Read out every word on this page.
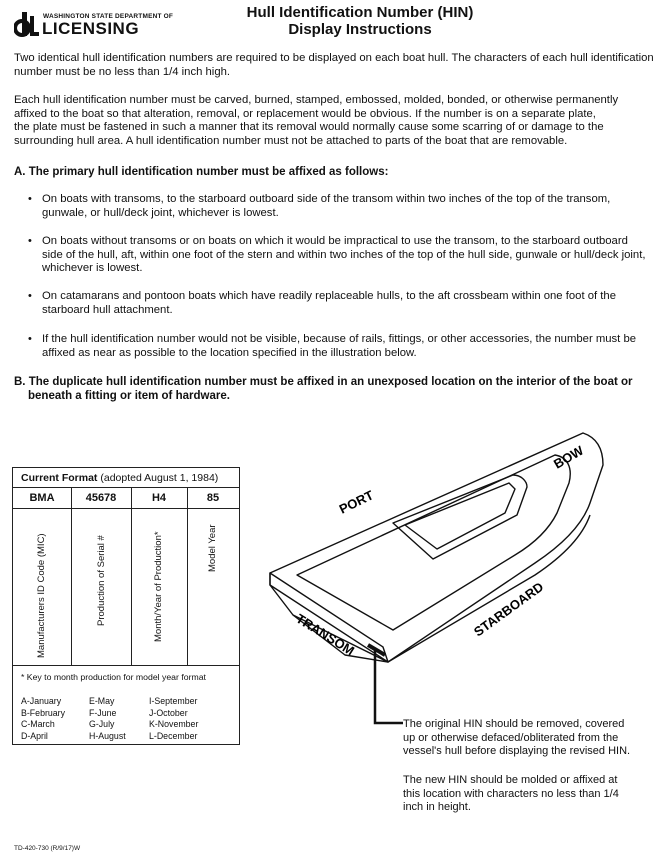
WASHINGTON STATE DEPARTMENT OF
LICENSING
Hull Identification Number (HIN)
Display Instructions
Two identical hull identification numbers are required to be displayed on each boat hull. The characters of each hull identification number must be no less than 1/4 inch high.
Each hull identification number must be carved, burned, stamped, embossed, molded, bonded, or otherwise permanently
affixed to the boat so that alteration, removal, or replacement would be obvious. If the number is on a separate plate,
the plate must be fastened in such a manner that its removal would normally cause some scarring of or damage to the
surrounding hull area. A hull identification number must not be attached to parts of the boat that are removable.
A. The primary hull identification number must be affixed as follows:
• On boats with transoms, to the starboard outboard side of the transom within two inches of the top of the transom, gunwale, or hull/deck joint, whichever is lowest.
• On boats without transoms or on boats on which it would be impractical to use the transom, to the starboard outboard side of the hull, aft, within one foot of the stern and within two inches of the top of the hull side, gunwale or hull/deck joint, whichever is lowest.
• On catamarans and pontoon boats which have readily replaceable hulls, to the aft crossbeam within one foot of the starboard hull attachment.
• If the hull identification number would not be visible, because of rails, fittings, or other accessories, the number must be affixed as near as possible to the location specified in the illustration below.
B. The duplicate hull identification number must be affixed in an unexposed location on the interior of the boat or
beneath a fitting or item of hardware.
Current Format (adopted August 1, 1984)
BMA	45678	H4	85
Manufacturers ID Code (MIC)	Production of Serial #	Month/Year of Production*	Model Year
* Key to month production for model year format
A-January
B-February
C-March
D-April
E-May
F-June
G-July
H-August
I-September
J-October
K-November
L-December
BOW
PORT
STARBOARD
TRANSOM
The original HIN should be removed, covered
up or otherwise defaced/obliterated from the
vessel's hull before displaying the revised HIN.
The new HIN should be molded or affixed at
this location with characters no less than 1/4
inch in height.
TD-420-730 (R/9/17)W
